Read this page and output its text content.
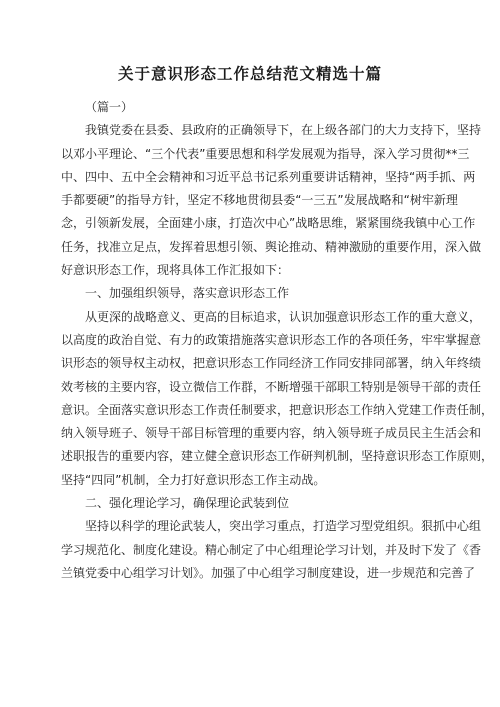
关于意识形态工作总结范文精选十篇

（篇一）

我镇党委在县委、县政府的正确领导下，在上级各部门的大力支持下，坚持
以邓小平理论、“三个代表”重要思想和科学发展观为指导，深入学习贯彻**三
中、四中、五中全会精神和习近平总书记系列重要讲话精神，坚持“两手抓、两
手都要硬”的指导方针，坚定不移地贯彻县委“一三五”发展战略和“树牢新理
念，引领新发展，全面建小康，打造次中心”战略思维，紧紧围绕我镇中心工作
任务，找准立足点，发挥着思想引领、舆论推动、精神激励的重要作用，深入做
好意识形态工作，现将具体工作汇报如下：

一、加强组织领导，落实意识形态工作

从更深的战略意义、更高的目标追求，认识加强意识形态工作的重大意义，
以高度的政治自觉、有力的政策措施落实意识形态工作的各项任务，牢牢掌握意
识形态的领导权主动权，把意识形态工作同经济工作同安排同部署，纳入年终绩
效考核的主要内容，设立微信工作群，不断增强干部职工特别是领导干部的责任
意识。全面落实意识形态工作责任制要求，把意识形态工作纳入党建工作责任制，
纳入领导班子、领导干部目标管理的重要内容，纳入领导班子成员民主生活会和
述职报告的重要内容，建立健全意识形态工作研判机制，坚持意识形态工作原则，
坚持“四同”机制，全力打好意识形态工作主动战。

二、强化理论学习，确保理论武装到位

坚持以科学的理论武装人，突出学习重点，打造学习型党组织。狠抓中心组
学习规范化、制度化建设。精心制定了中心组理论学习计划，并及时下发了《香
兰镇党委中心组学习计划》。加强了中心组学习制度建设，进一步规范和完善了
